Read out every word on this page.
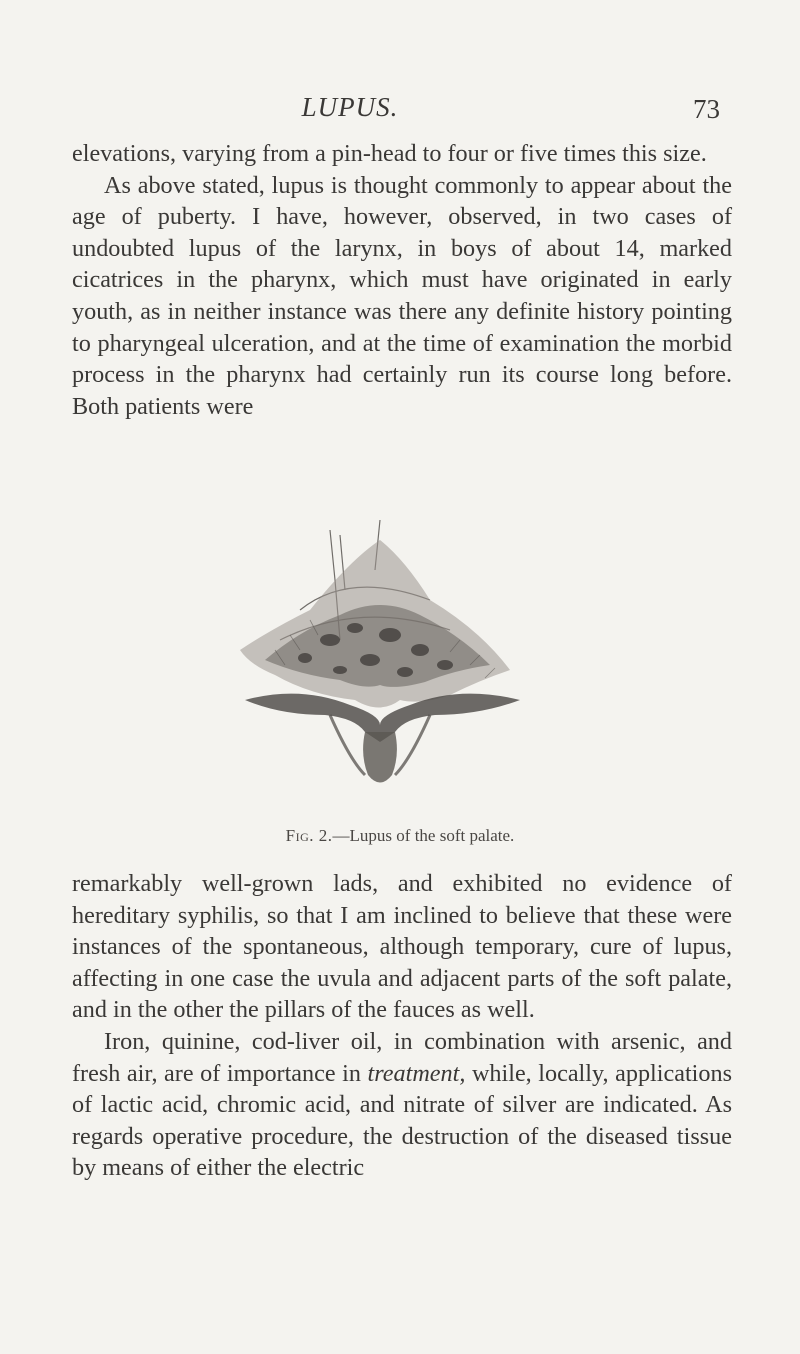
LUPUS.	73

elevations, varying from a pin-head to four or five times this size.

As above stated, lupus is thought commonly to appear about the age of puberty. I have, however, observed, in two cases of undoubted lupus of the larynx, in boys of about 14, marked cicatrices in the pharynx, which must have originated in early youth, as in neither instance was there any definite history pointing to pharyngeal ulceration, and at the time of examination the morbid process in the pharynx had certainly run its course long before. Both patients were

Fig. 2.—Lupus of the soft palate.

remarkably well-grown lads, and exhibited no evidence of hereditary syphilis, so that I am inclined to believe that these were instances of the spontaneous, although temporary, cure of lupus, affecting in one case the uvula and adjacent parts of the soft palate, and in the other the pillars of the fauces as well.

Iron, quinine, cod-liver oil, in combination with arsenic, and fresh air, are of importance in treatment, while, locally, applications of lactic acid, chromic acid, and nitrate of silver are indicated. As regards operative procedure, the destruction of the diseased tissue by means of either the electric
